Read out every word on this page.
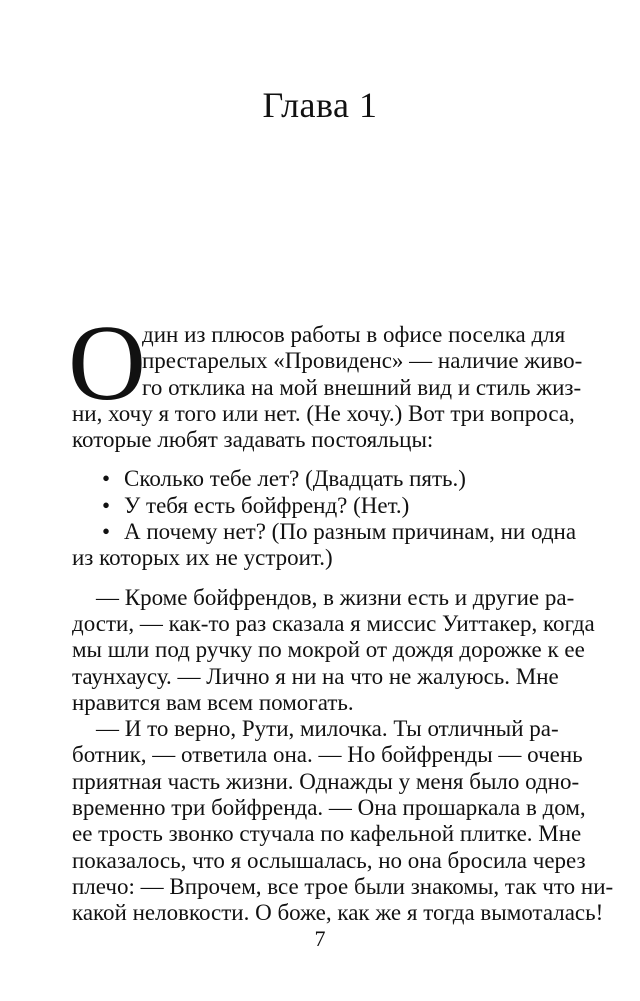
Глава 1
О
дин из плюсов работы в офисе поселка для
престарелых «Провиденс» — наличие живо-
го отклика на мой внешний вид и стиль жиз-
ни, хочу я того или нет. (Не хочу.) Вот три вопроса,
которые любят задавать постояльцы:
• Сколько тебе лет? (Двадцать пять.)
• У тебя есть бойфренд? (Нет.)
• А почему нет? (По разным причинам, ни одна
из которых их не устроит.)
— Кроме бойфрендов, в жизни есть и другие ра-
дости, — как-то раз сказала я миссис Уиттакер, когда
мы шли под ручку по мокрой от дождя дорожке к ее
таунхаусу. — Лично я ни на что не жалуюсь. Мне
нравится вам всем помогать.
— И то верно, Рути, милочка. Ты отличный ра-
ботник, — ответила она. — Но бойфренды — очень
приятная часть жизни. Однажды у меня было одно-
временно три бойфренда. — Она прошаркала в дом,
ее трость звонко стучала по кафельной плитке. Мне
показалось, что я ослышалась, но она бросила через
плечо: — Впрочем, все трое были знакомы, так что ни-
какой неловкости. О боже, как же я тогда вымоталась!
7
